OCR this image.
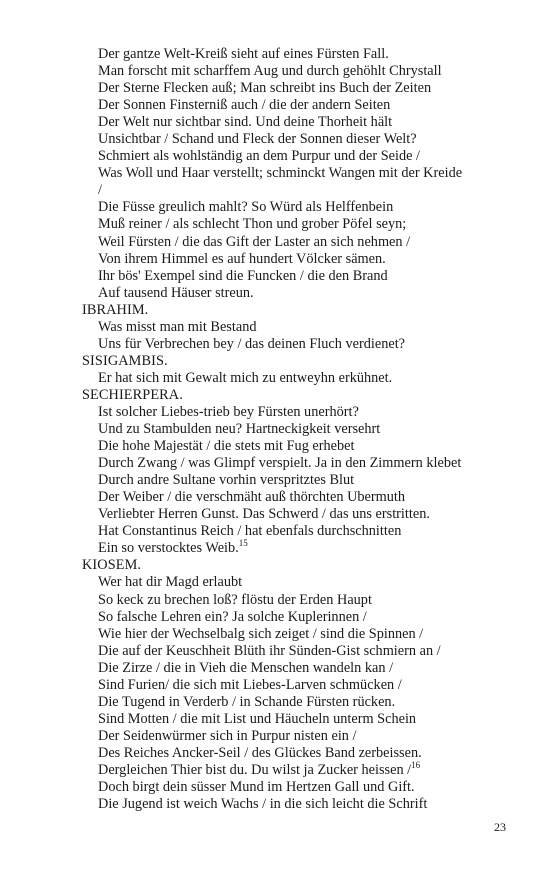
Der gantze Welt-Kreiß sieht auf eines Fürsten Fall.
Man forscht mit scharffem Aug und durch gehöhlt Chrystall
Der Sterne Flecken auß; Man schreibt ins Buch der Zeiten
Der Sonnen Finsterniß auch / die der andern Seiten
Der Welt nur sichtbar sind. Und deine Thorheit hält
Unsichtbar / Schand und Fleck der Sonnen dieser Welt?
Schmiert als wohlständig an dem Purpur und der Seide /
Was Woll und Haar verstellt; schminckt Wangen mit der Kreide
/
Die Füsse greulich mahlt? So Würd als Helffenbein
Muß reiner / als schlecht Thon und grober Pöfel seyn;
Weil Fürsten / die das Gift der Laster an sich nehmen /
Von ihrem Himmel es auf hundert Völcker sämen.
Ihr bös' Exempel sind die Funcken / die den Brand
Auf tausend Häuser streun.
IBRAHIM.
Was misst man mit Bestand
Uns für Verbrechen bey / das deinen Fluch verdienet?
SISIGAMBIS.
Er hat sich mit Gewalt mich zu entweyhn erkühnet.
SECHIERPERA.
Ist solcher Liebes-trieb bey Fürsten unerhört?
Und zu Stambulden neu? Hartneckigkeit versehrt
Die hohe Majestät / die stets mit Fug erhebet
Durch Zwang / was Glimpf verspielt. Ja in den Zimmern klebet
Durch andre Sultane vorhin verspritztes Blut
Der Weiber / die verschmäht auß thörchten Ubermuth
Verliebter Herren Gunst. Das Schwerd / das uns erstritten.
Hat Constantinus Reich / hat ebenfals durchschnitten
Ein so verstocktes Weib.$^{15}$
KIOSEM.
Wer hat dir Magd erlaubt
So keck zu brechen loß? flöstu der Erden Haupt
So falsche Lehren ein? Ja solche Kuplerinnen /
Wie hier der Wechselbalg sich zeiget / sind die Spinnen /
Die auf der Keuschheit Blüth ihr Sünden-Gist schmiern an /
Die Zirze / die in Vieh die Menschen wandeln kan /
Sind Furien/ die sich mit Liebes-Larven schmücken /
Die Tugend in Verderb / in Schande Fürsten rücken.
Sind Motten / die mit List und Häucheln unterm Schein
Der Seidenwürmer sich in Purpur nisten ein /
Des Reiches Ancker-Seil / des Glückes Band zerbeissen.
Dergleichen Thier bist du. Du wilst ja Zucker heissen /$^{16}$
Doch birgt dein süsser Mund im Hertzen Gall und Gift.
Die Jugend ist weich Wachs / in die sich leicht die Schrift
23
